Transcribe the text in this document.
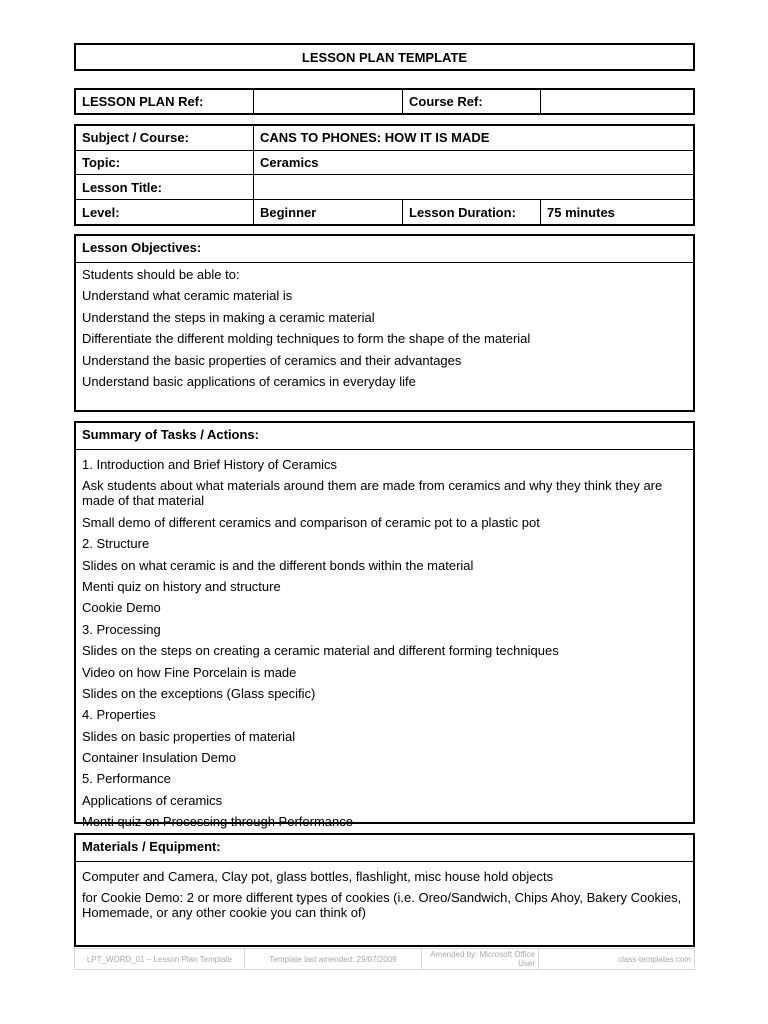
LESSON PLAN TEMPLATE
LESSON PLAN Ref:		Course Ref:	
Subject / Course:	CANS TO PHONES: HOW IT IS MADE		
Topic:	Ceramics		
Lesson Title:			
Level:	Beginner	Lesson Duration:	75 minutes
Lesson Objectives:
Students should be able to:
Understand what ceramic material is
Understand the steps in making a ceramic material
Differentiate the different molding techniques to form the shape of the material
Understand the basic properties of ceramics and their advantages
Understand basic applications of ceramics in everyday life
Summary of Tasks / Actions:
1. Introduction and Brief History of Ceramics
Ask students about what materials around them are made from ceramics and why they think they are made of that material
Small demo of different ceramics and comparison of ceramic pot to a plastic pot
2. Structure
Slides on what ceramic is and the different bonds within the material
Menti quiz on history and structure
Cookie Demo
3. Processing
Slides on the steps on creating a ceramic material and different forming techniques
Video on how Fine Porcelain is made
Slides on the exceptions (Glass specific)
4. Properties
Slides on basic properties of material
Container Insulation Demo
5. Performance
Applications of ceramics
Menti quiz on Processing through Performance
Materials / Equipment:
Computer and Camera, Clay pot, glass bottles, flashlight, misc house hold objects
for Cookie Demo: 2 or more different types of cookies (i.e. Oreo/Sandwich, Chips Ahoy, Bakery Cookies, Homemade, or any other cookie you can think of)
LPT_WORD_01 – Lesson Plan Template	Template last amended: 29/07/2009	Amended by: Microsoft Office User	class-templates.com
